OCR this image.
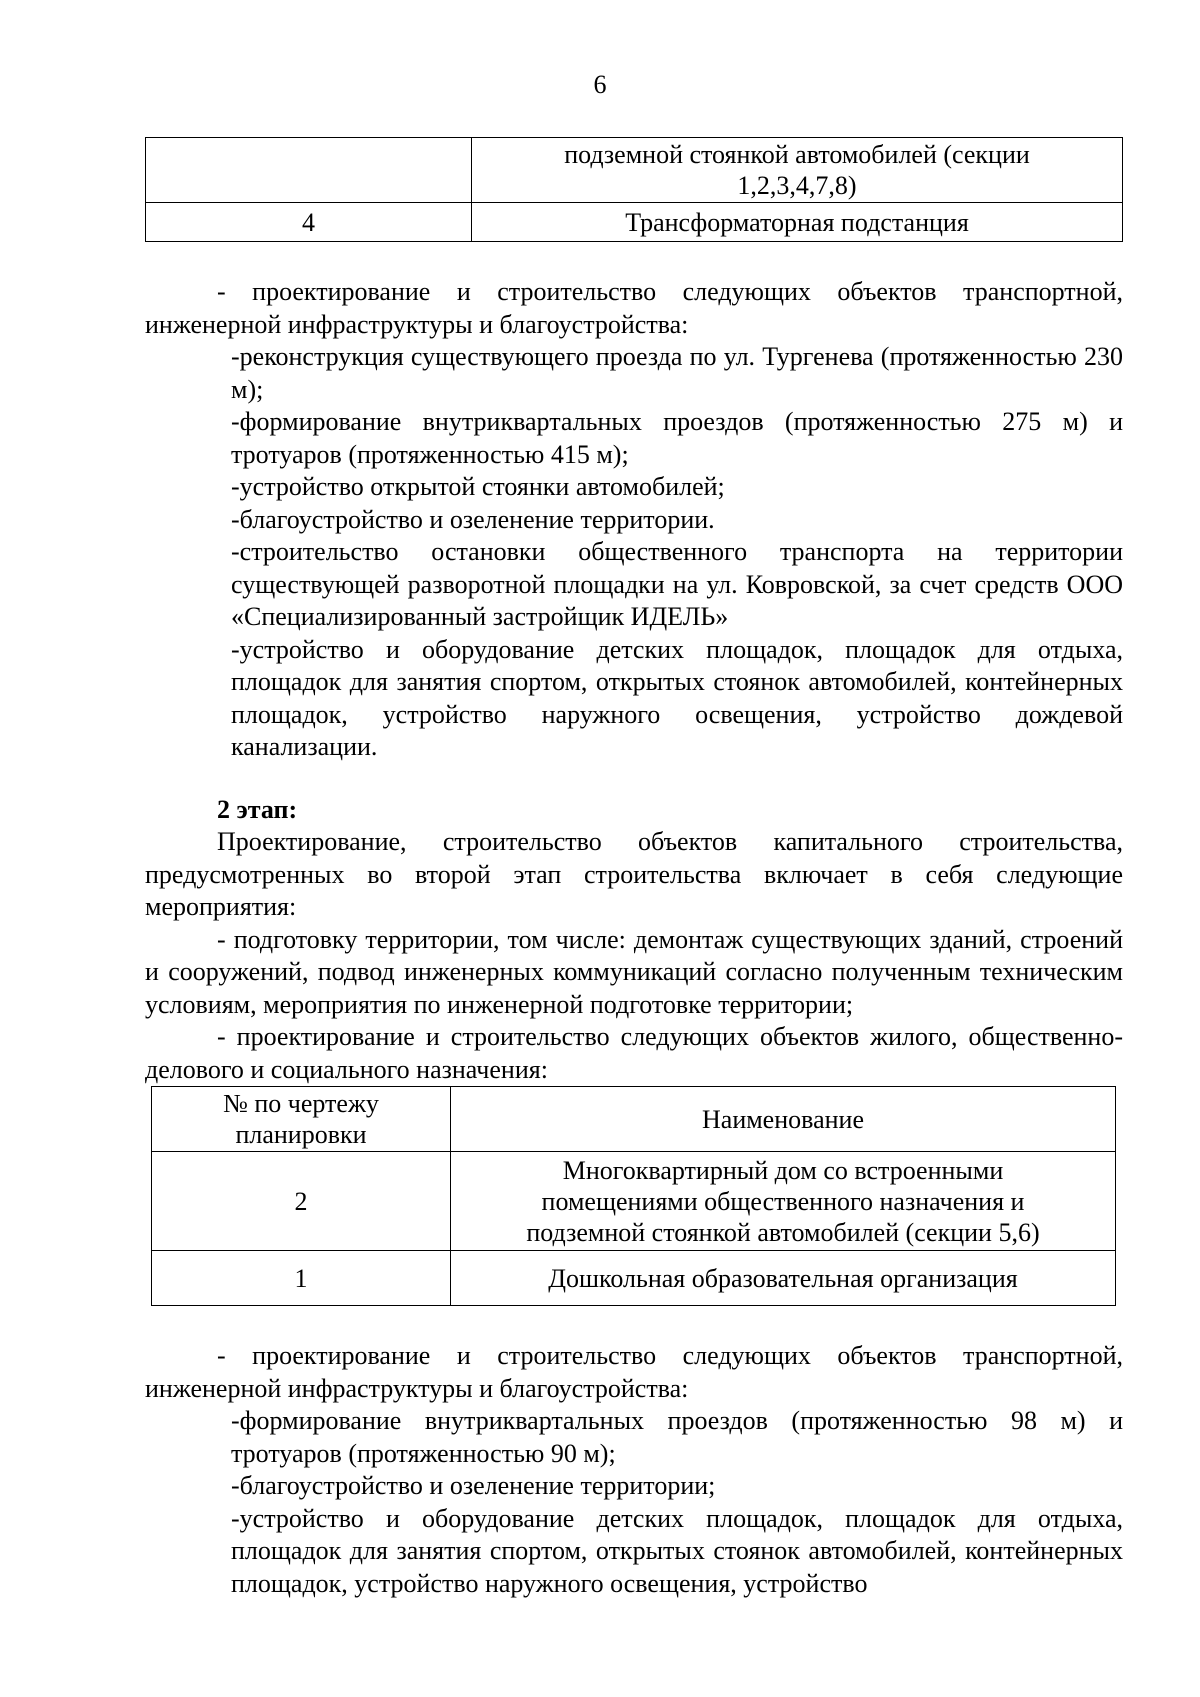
6
	подземной стоянкой автомобилей (секции
1,2,3,4,7,8)
4	Трансформаторная подстанция

- проектирование и строительство следующих объектов транспортной, инженерной инфраструктуры и благоустройства:

-реконструкция существующего проезда по ул. Тургенева (протяженностью 230 м);

-формирование внутриквартальных проездов (протяженностью 275 м) и тротуаров (протяженностью 415 м);

-устройство открытой стоянки автомобилей;

-благоустройство и озеленение территории.

-строительство остановки общественного транспорта на территории существующей разворотной площадки на ул. Ковровской, за счет средств ООО «Специализированный застройщик ИДЕЛЬ»

-устройство и оборудование детских площадок, площадок для отдыха, площадок для занятия спортом, открытых стоянок автомобилей, контейнерных площадок, устройство наружного освещения, устройство дождевой канализации.

2 этап:

Проектирование, строительство объектов капитального строительства, предусмотренных во второй этап строительства включает в себя следующие мероприятия:

- подготовку территории, том числе: демонтаж существующих зданий, строений и сооружений, подвод инженерных коммуникаций согласно полученным техническим условиям, мероприятия по инженерной подготовке территории;

- проектирование и строительство следующих объектов жилого, общественно-делового и социального назначения:

№ по чертежу
планировки	Наименование
2	Многоквартирный дом со встроенными
помещениями общественного назначения и
подземной стоянкой автомобилей (секции 5,6)
1	Дошкольная образовательная организация

- проектирование и строительство следующих объектов транспортной, инженерной инфраструктуры и благоустройства:

-формирование внутриквартальных проездов (протяженностью 98 м) и тротуаров (протяженностью 90 м);

-благоустройство и озеленение территории;

-устройство и оборудование детских площадок, площадок для отдыха, площадок для занятия спортом, открытых стоянок автомобилей, контейнерных площадок, устройство наружного освещения, устройство
